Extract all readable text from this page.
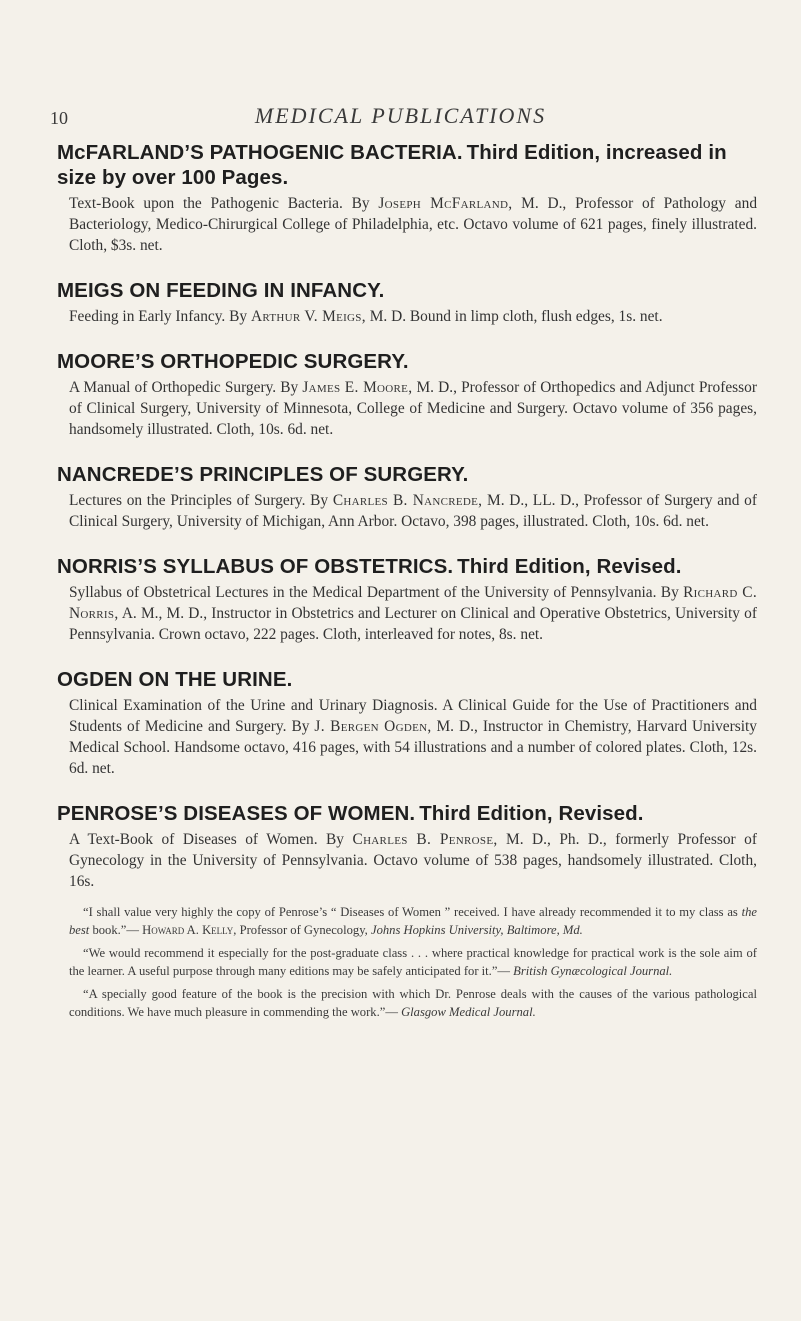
10	MEDICAL PUBLICATIONS
McFARLAND’S PATHOGENIC BACTERIA. Third Edition, increased in size by over 100 Pages.

Text-Book upon the Pathogenic Bacteria. By Joseph McFarland, M. D., Professor of Pathology and Bacteriology, Medico-Chirurgical College of Philadelphia, etc. Octavo volume of 621 pages, finely illustrated. Cloth, $3s. net.

MEIGS ON FEEDING IN INFANCY.

Feeding in Early Infancy. By Arthur V. Meigs, M. D. Bound in limp cloth, flush edges, 1s. net.

MOORE’S ORTHOPEDIC SURGERY.

A Manual of Orthopedic Surgery. By James E. Moore, M. D., Professor of Orthopedics and Adjunct Professor of Clinical Surgery, University of Minnesota, College of Medicine and Surgery. Octavo volume of 356 pages, handsomely illustrated. Cloth, 10s. 6d. net.

NANCREDE’S PRINCIPLES OF SURGERY.

Lectures on the Principles of Surgery. By Charles B. Nancrede, M. D., LL. D., Professor of Surgery and of Clinical Surgery, University of Michigan, Ann Arbor. Octavo, 398 pages, illustrated. Cloth, 10s. 6d. net.

NORRIS’S SYLLABUS OF OBSTETRICS. Third Edition, Revised.

Syllabus of Obstetrical Lectures in the Medical Department of the University of Pennsylvania. By Richard C. Norris, A. M., M. D., Instructor in Obstetrics and Lecturer on Clinical and Operative Obstetrics, University of Pennsylvania. Crown octavo, 222 pages. Cloth, interleaved for notes, 8s. net.

OGDEN ON THE URINE.

Clinical Examination of the Urine and Urinary Diagnosis. A Clinical Guide for the Use of Practitioners and Students of Medicine and Surgery. By J. Bergen Ogden, M. D., Instructor in Chemistry, Harvard University Medical School. Handsome octavo, 416 pages, with 54 illustrations and a number of colored plates. Cloth, 12s. 6d. net.

PENROSE’S DISEASES OF WOMEN. Third Edition, Revised.

A Text-Book of Diseases of Women. By Charles B. Penrose, M. D., Ph. D., formerly Professor of Gynecology in the University of Pennsylvania. Octavo volume of 538 pages, handsomely illustrated. Cloth, 16s.

“I shall value very highly the copy of Penrose’s “ Diseases of Women ” received. I have already recommended it to my class as the best book.”— Howard A. Kelly, Professor of Gynecology, Johns Hopkins University, Baltimore, Md.

“We would recommend it especially for the post-graduate class . . . where practical knowledge for practical work is the sole aim of the learner. A useful purpose through many editions may be safely anticipated for it.”— British Gynæcological Journal.

“A specially good feature of the book is the precision with which Dr. Penrose deals with the causes of the various pathological conditions. We have much pleasure in commending the work.”— Glasgow Medical Journal.
